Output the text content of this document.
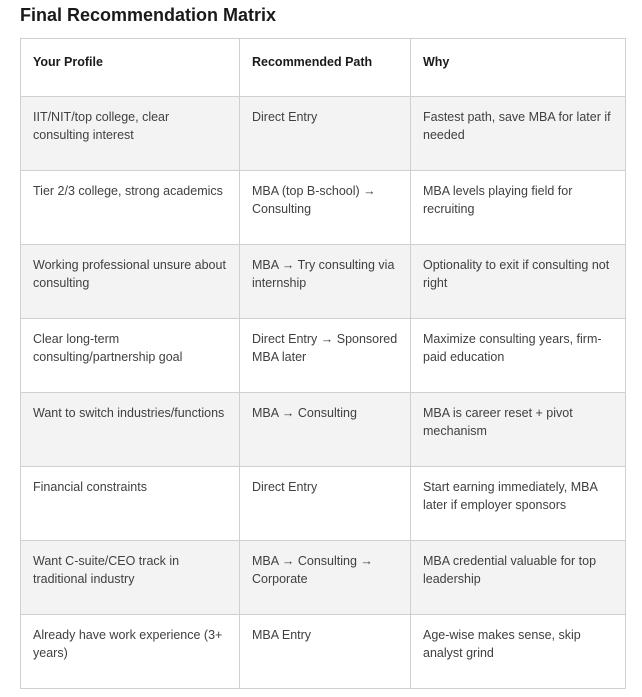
Final Recommendation Matrix
Your Profile	Recommended Path	Why
IIT/NIT/top college, clear consulting interest	Direct Entry	Fastest path, save MBA for later if needed
Tier 2/3 college, strong academics	MBA (top B-school) → Consulting	MBA levels playing field for recruiting
Working professional unsure about consulting	MBA → Try consulting via internship	Optionality to exit if consulting not right
Clear long-term consulting/partnership goal	Direct Entry → Sponsored MBA later	Maximize consulting years, firm-paid education
Want to switch industries/functions	MBA → Consulting	MBA is career reset + pivot mechanism
Financial constraints	Direct Entry	Start earning immediately, MBA later if employer sponsors
Want C-suite/CEO track in traditional industry	MBA → Consulting → Corporate	MBA credential valuable for top leadership
Already have work experience (3+ years)	MBA Entry	Age-wise makes sense, skip analyst grind
